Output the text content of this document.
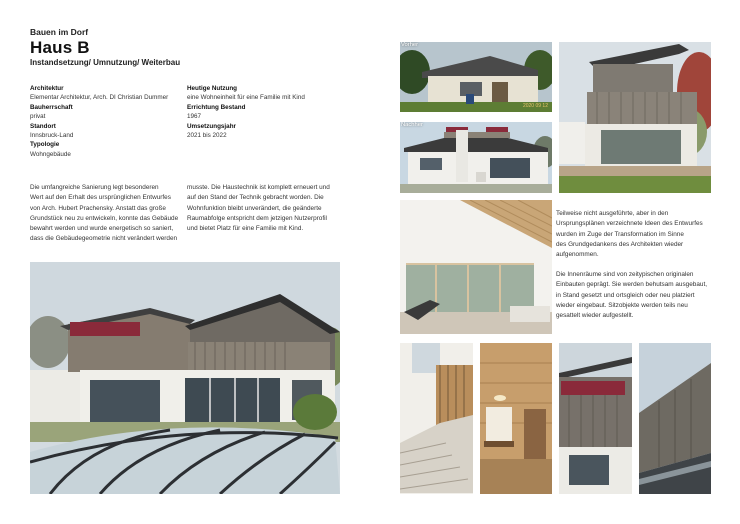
Bauen im Dorf
Haus B
Instandsetzung/ Umnutzung/ Weiterbau
Architektur
Elementar Architektur, Arch. DI Christian Dummer
Bauherrschaft
privat
Standort
Innsbruck-Land
Typologie
Wohngebäude
Heutige Nutzung
eine Wohneinheit für eine Familie mit Kind
Errichtung Bestand
1967
Umsetzungsjahr
2021 bis 2022
Die umfangreiche Sanierung legt besonderen
Wert auf den Erhalt des ursprünglichen Entwurfes
von Arch. Hubert Prachensky. Anstatt das große
Grundstück neu zu entwickeln, konnte das Gebäude
bewahrt werden und wurde energetisch so saniert,
dass die Gebäudegeometrie nicht verändert werden
musste. Die Haustechnik ist komplett erneuert und
auf den Stand der Technik gebracht worden. Die
Wohnfunktion bleibt unverändert, die geänderte
Raumabfolge entspricht dem jetzigen Nutzerprofil
und bietet Platz für eine Familie mit Kind.
Vorher
2020 09 12
Nachher
Teilweise nicht ausgeführte, aber in den
Ursprungsplänen verzeichnete Ideen des Entwurfes
wurden im Zuge der Transformation im Sinne
des Grundgedankens des Architekten wieder
aufgenommen.
Die Innenräume sind von zeitypischen originalen
Einbauten geprägt. Sie werden behutsam ausgebaut,
in Stand gesetzt und ortsgleich oder neu platziert
wieder eingebaut. Sitzobjekte werden teils neu
gesattelt wieder aufgestellt.
